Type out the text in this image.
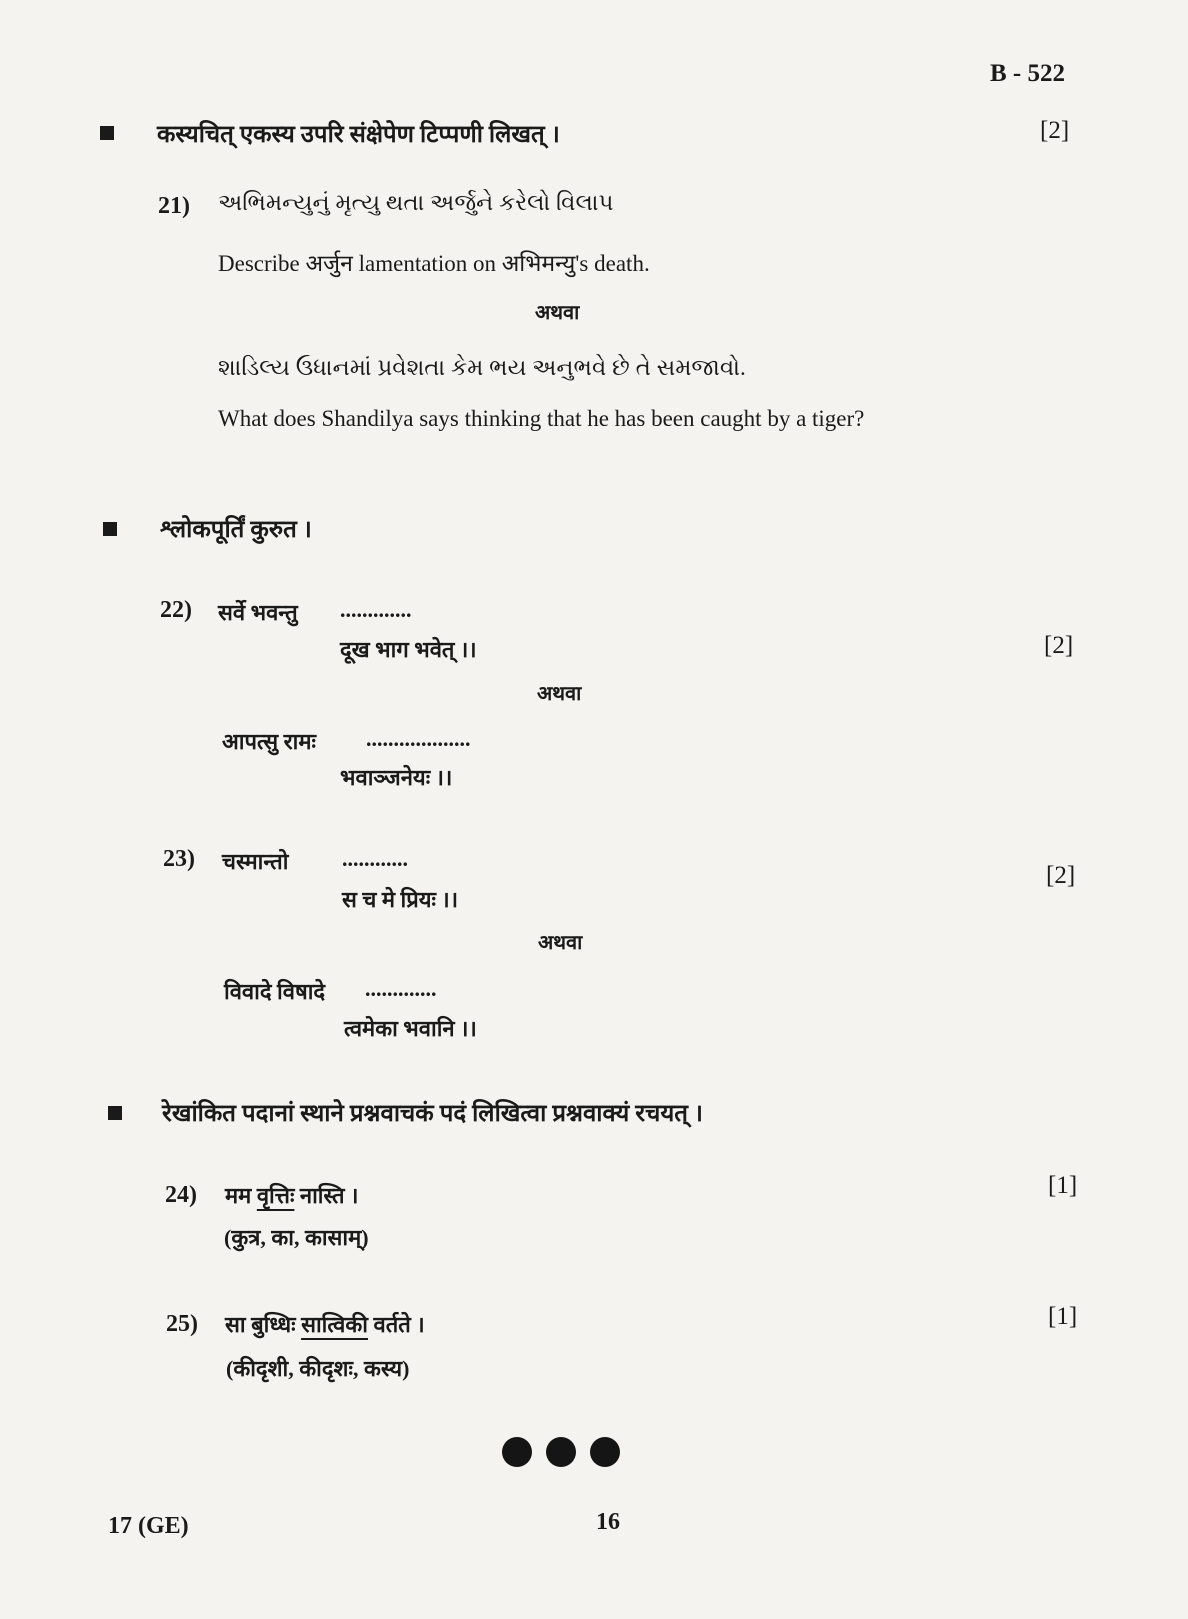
B - 522
कस्यचित् एकस्य उपरि संक्षेपेण टिप्पणी लिखत् ।	[2]
21) અભિમન્યુનું મૃત્યુ થતા અર્જુને કરેલો વિલાપ
Describe अर्जुन lamentation on अभिमन्यु's death.
अथवा
શાડિલ્ય ઉધાનમાં પ્રવેશતા કેમ ભય અનુભવે છે તે સમજાવો.
What does Shandilya says thinking that he has been caught by a tiger?
श्लोकपूर्तिं कुरुत ।
22) सर्वे भवन्तु .............
दूख भाग भवेत् ।।	[2]
अथवा
आपत्सु रामः ...................
भवाञ्जनेयः ।।
23) चस्मान्तो ............
स च मे प्रियः ।।
[2]
अथवा
विवादे विषादे .............
त्वमेका भवानि ।।
रेखांकित पदानां स्थाने प्रश्नवाचकं पदं लिखित्वा प्रश्नवाक्यं रचयत् ।
24) मम वृत्तिः नास्ति ।	[1]
(कुत्र, का, कासाम्)
25) सा बुध्धिः सात्विकी वर्तते ।	[1]
(कीदृशी, कीदृशः, कस्य)
17 (GE)	16
